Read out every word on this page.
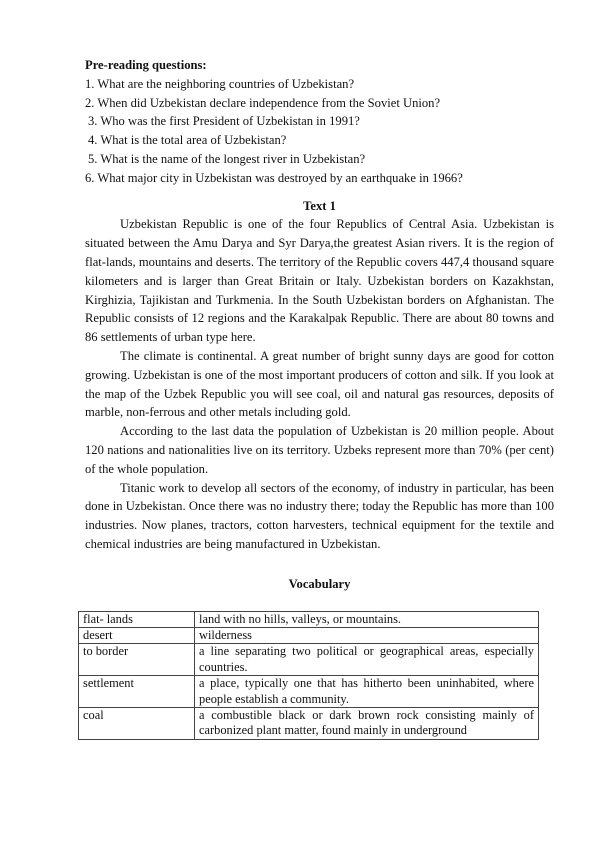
Pre-reading questions:
1. What are the neighboring countries of Uzbekistan?
2. When did Uzbekistan declare independence from the Soviet Union?
3. Who was the first President of Uzbekistan in 1991?
4. What is the total area of Uzbekistan?
5. What is the name of the longest river in Uzbekistan?
6. What major city in Uzbekistan was destroyed by an earthquake in 1966?
Text 1

Uzbekistan Republic is one of the four Republics of Central Asia. Uzbekistan is situated between the Amu Darya and Syr Darya,the greatest Asian rivers. It is the region of flat-lands, mountains and deserts. The territory of the Republic covers 447,4 thousand square kilometers and is larger than Great Britain or Italy. Uzbekistan borders on Kazakhstan, Kirghizia, Tajikistan and Turkmenia. In the South Uzbekistan borders on Afghanistan. The Republic consists of 12 regions and the Karakalpak Republic. There are about 80 towns and 86 settlements of urban type here.

The climate is continental. A great number of bright sunny days are good for cotton growing. Uzbekistan is one of the most important producers of cotton and silk. If you look at the map of the Uzbek Republic you will see coal, oil and natural gas resources, deposits of marble, non-ferrous and other metals including gold.

According to the last data the population of Uzbekistan is 20 million people. About 120 nations and nationalities live on its territory. Uzbeks represent more than 70% (per cent) of the whole population.

Titanic work to develop all sectors of the economy, of industry in particular, has been done in Uzbekistan. Once there was no industry there; today the Republic has more than 100 industries. Now planes, tractors, cotton harvesters, technical equipment for the textile and chemical industries are being manufactured in Uzbekistan.

Vocabulary
flat- lands	land with no hills, valleys, or mountains.
desert	wilderness
to border	a line separating two political or geographical areas, especially countries.
settlement	a place, typically one that has hitherto been uninhabited, where people establish a community.
coal	a combustible black or dark brown rock consisting mainly of carbonized plant matter, found mainly in underground
